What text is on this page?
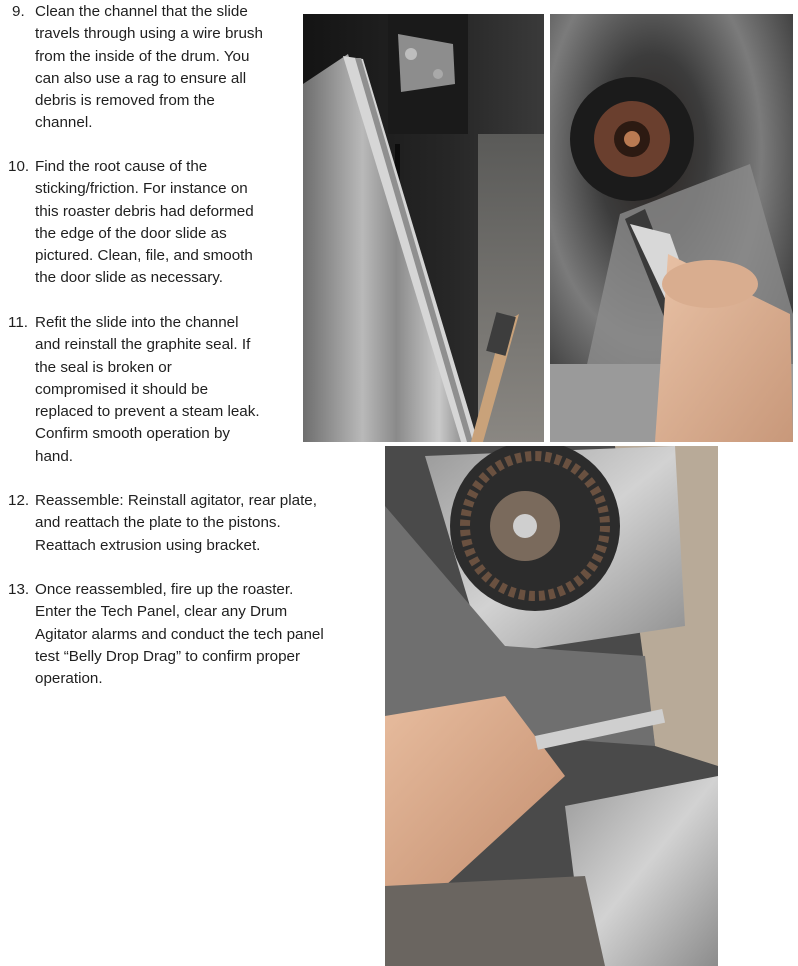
9. Clean the channel that the slide
travels through using a wire brush
from the inside of the drum. You
can also use a rag to ensure all
debris is removed from the
channel.
10. Find the root cause of the
sticking/friction. For instance on
this roaster debris had deformed
the edge of the door slide as
pictured. Clean, file, and smooth
the door slide as necessary.
11. Refit the slide into the channel
and reinstall the graphite seal. If
the seal is broken or
compromised it should be
replaced to prevent a steam leak.
Confirm smooth operation by
hand.
12. Reassemble: Reinstall agitator, rear plate,
and reattach the plate to the pistons.
Reattach extrusion using bracket.
13. Once reassembled, fire up the roaster.
Enter the Tech Panel, clear any Drum
Agitator alarms and conduct the tech panel
test “Belly Drop Drag” to confirm proper
operation.
